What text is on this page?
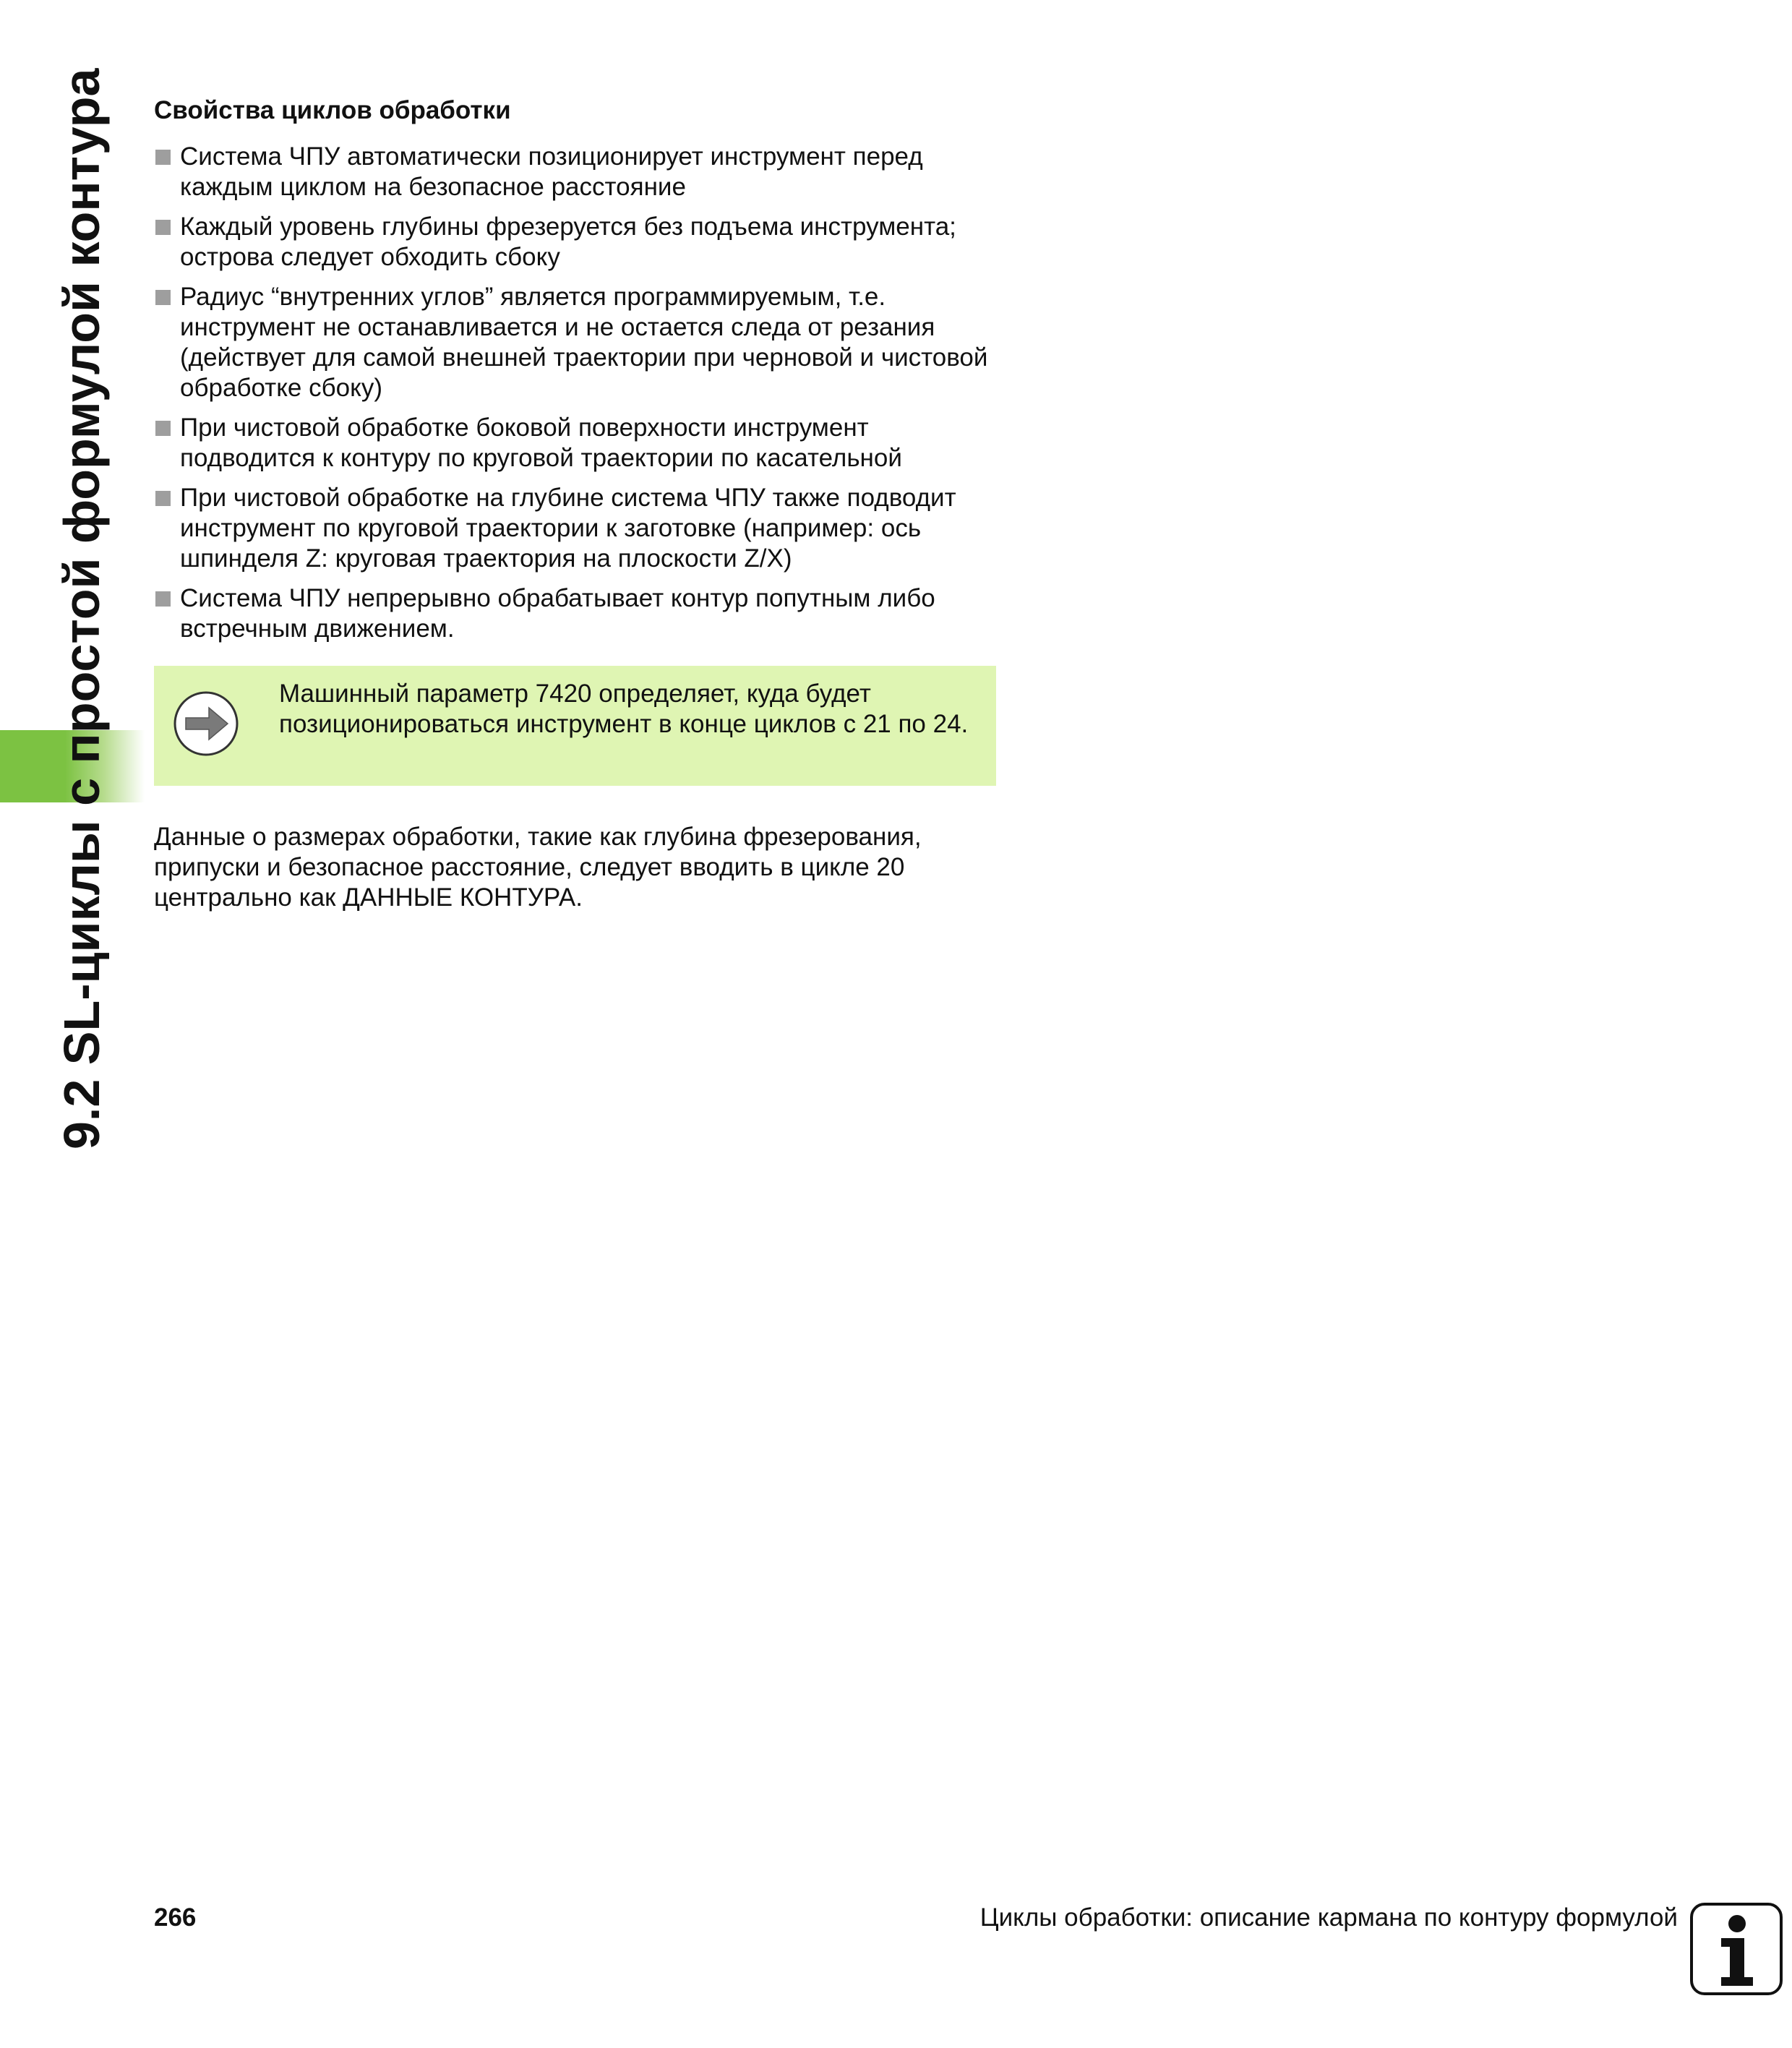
9.2 SL-циклы с простой формулой контура Свойства циклов обработки
Система ЧПУ автоматически позиционирует инструмент перед каждым циклом на безопасное расстояние
Каждый уровень глубины фрезеруется без подъема инструмента; острова следует обходить сбоку
Радиус “внутренних углов” является программируемым, т.е. инструмент не останавливается и не остается следа от резания (действует для самой внешней траектории при черновой и чистовой обработке сбоку)
При чистовой обработке боковой поверхности инструмент подводится к контуру по круговой траектории по касательной
При чистовой обработке на глубине система ЧПУ также подводит инструмент по круговой траектории к заготовке (например: ось шпинделя Z: круговая траектория на плоскости Z/X)
Система ЧПУ непрерывно обрабатывает контур попутным либо встречным движением.
Машинный параметр 7420 определяет, куда будет позиционироваться инструмент в конце циклов с 21 по 24.
Данные о размерах обработки, такие как глубина фрезерования, припуски и безопасное расстояние, следует вводить в цикле 20 центрально как ДАННЫЕ КОНТУРА.
266	Циклы обработки: описание кармана по контуру формулой
